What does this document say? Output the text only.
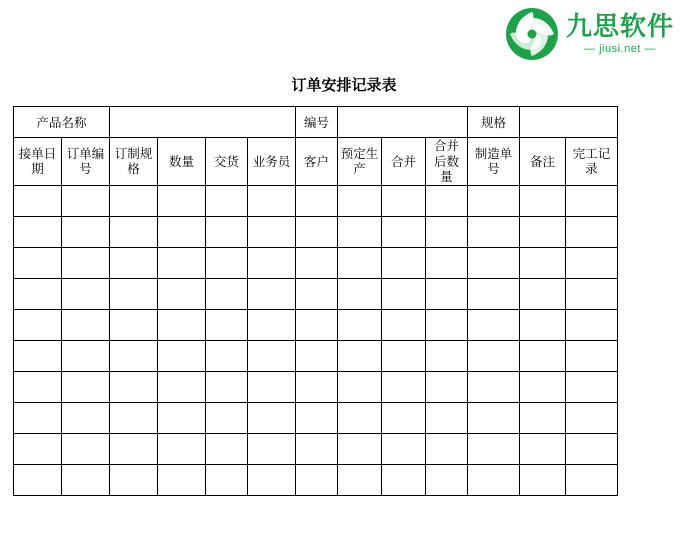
九思软件
— jiusi.net —
订单安排记录表
产品名称						编号				规格		

接单日期	订单编号	订制规格	数量	交货	业务员	客户	预定生产	合并	合并后数量	制造单号	备注	完工记录
